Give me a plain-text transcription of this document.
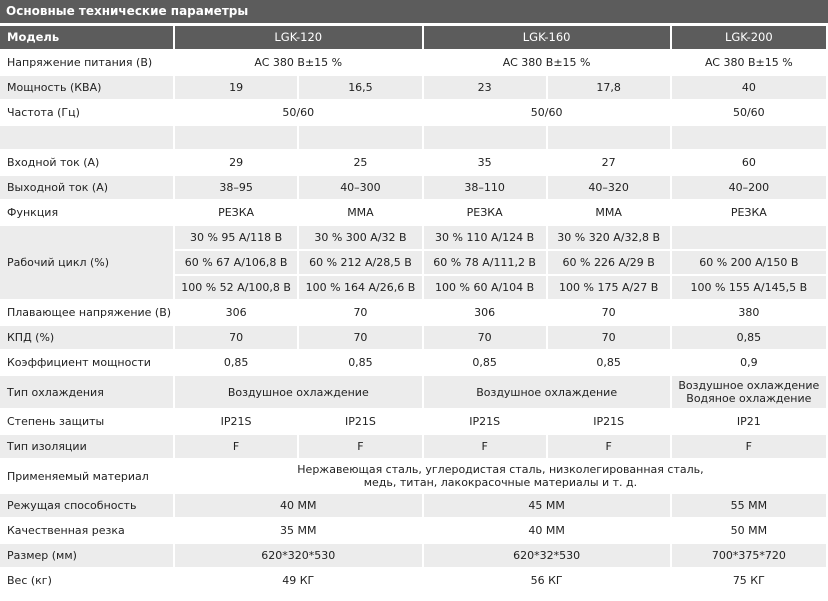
Основные технические параметры
Модель	LGK-120		LGK-160		LGK-200
Напряжение питания (В)	AC 380 В±15 %		AC 380 В±15 %		AC 380 В±15 %
Мощность (КВА)	19	16,5	23	17,8	40
Частота (Гц)	50/60		50/60		50/60

Входной ток (A)	29	25	35	27	60
Выходной ток (A)	38–95	40–300	38–110	40–320	40–200
Функция	РЕЗКА	MMA	РЕЗКА	MMA	РЕЗКА
Рабочий цикл (%)	30 % 95 A/118 В	30 % 300 A/32 В	30 % 110 A/124 В	30 % 320 A/32,8 В	
	60 % 67 A/106,8 В	60 % 212 A/28,5 В	60 % 78 A/111,2 В	60 % 226 A/29 В	60 % 200 A/150 В
	100 % 52 A/100,8 В	100 % 164 A/26,6 В	100 % 60 A/104 В	100 % 175 A/27 В	100 % 155 A/145,5 В
Плавающее напряжение (В)	306	70	306	70	380
КПД (%)	70	70	70	70	0,85
Коэффициент мощности	0,85	0,85	0,85	0,85	0,9
Тип охлаждения	Воздушное охлаждение		Воздушное охлаждение		Воздушное охлаждение
Водяное охлаждение

Степень защиты	IP21S	IP21S	IP21S	IP21S	IP21
Тип изоляции	F	F	F	F	F
Применяемый материал	Нержавеющая сталь, углеродистая сталь, низколегированная сталь,
медь, титан, лакокрасочные материалы и т. д.				

Режущая способность	40 MM		45 MM		55 MM
Качественная резка	35 MM		40 MM		50 MM
Размер (мм)	620*320*530		620*32*530		700*375*720
Вес (кг)	49 КГ		56 КГ		75 КГ
